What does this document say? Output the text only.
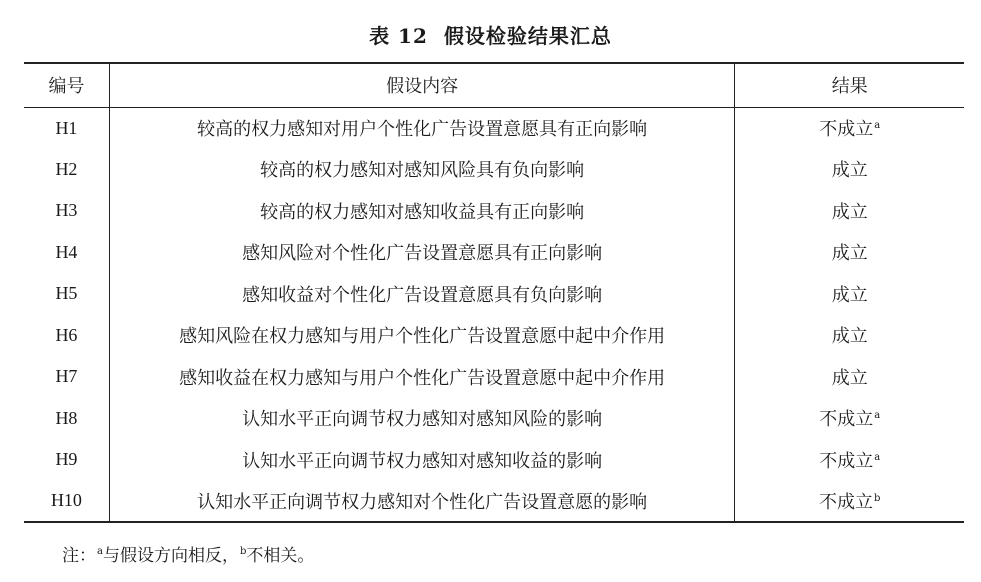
表 12 假设检验结果汇总
编号	假设内容	结果
H1	较高的权力感知对用户个性化广告设置意愿具有正向影响	不成立$^a$
H2	较高的权力感知对感知风险具有负向影响	成立
H3	较高的权力感知对感知收益具有正向影响	成立
H4	感知风险对个性化广告设置意愿具有正向影响	成立
H5	感知收益对个性化广告设置意愿具有负向影响	成立
H6	感知风险在权力感知与用户个性化广告设置意愿中起中介作用	成立
H7	感知收益在权力感知与用户个性化广告设置意愿中起中介作用	成立
H8	认知水平正向调节权力感知对感知风险的影响	不成立$^a$
H9	认知水平正向调节权力感知对感知收益的影响	不成立$^a$
H10	认知水平正向调节权力感知对个性化广告设置意愿的影响	不成立$^b$
注：$^a$与假设方向相反，$^b$不相关。
